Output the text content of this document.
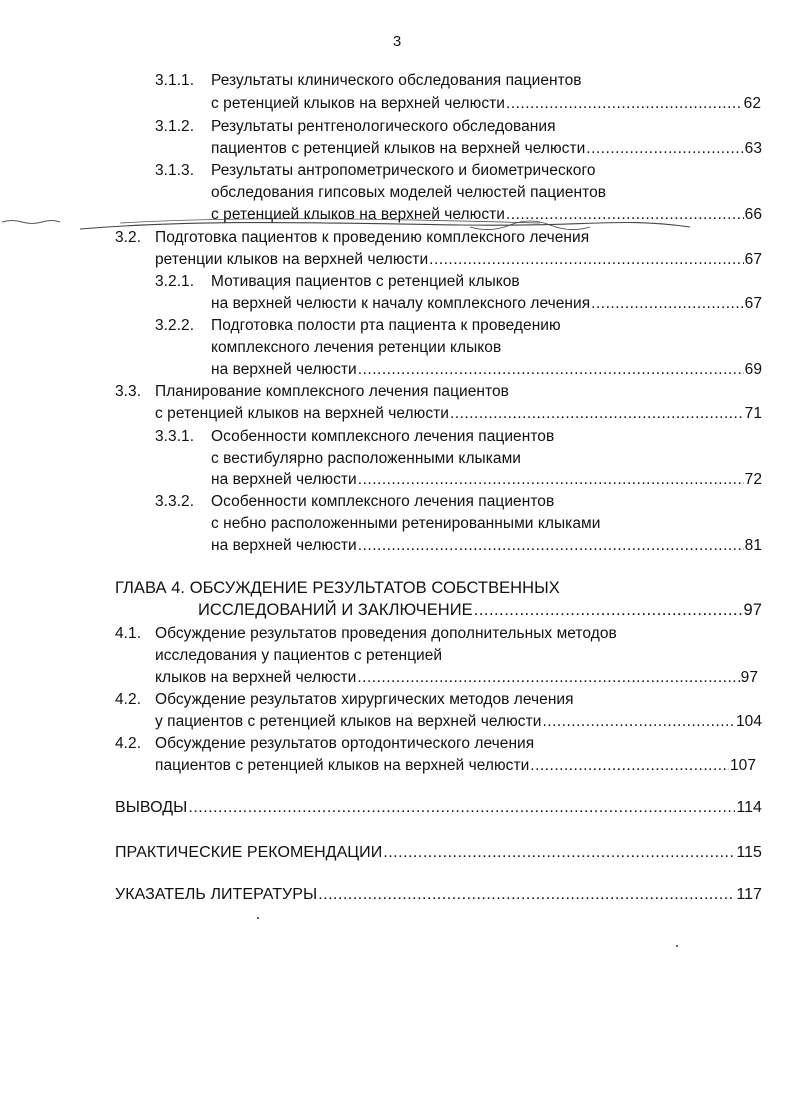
3
3.1.1. Результаты клинического обследования пациентов
с ретенцией клыков на верхней челюсти .....	62
3.1.2. Результаты рентгенологического обследования
пациентов с ретенцией клыков на верхней челюсти .....	63
3.1.3. Результаты антропометрического и биометрического
обследования гипсовых моделей челюстей пациентов
с ретенцией клыков на верхней челюсти .....	66
3.2. Подготовка пациентов к проведению комплексного лечения
ретенции клыков на верхней челюсти .....	67
3.2.1. Мотивация пациентов с ретенцией клыков
на верхней челюсти к началу комплексного лечения .....	67
3.2.2. Подготовка полости рта пациента к проведению
комплексного лечения ретенции клыков
на верхней челюсти .....	69
3.3. Планирование комплексного лечения пациентов
с ретенцией клыков на верхней челюсти .....	71
3.3.1. Особенности комплексного лечения пациентов
с вестибулярно расположенными клыками
на верхней челюсти .....	72
3.3.2. Особенности комплексного лечения пациентов
с небно расположенными ретенированными клыками
на верхней челюсти .....	81
ГЛАВА 4. ОБСУЖДЕНИЕ РЕЗУЛЬТАТОВ СОБСТВЕННЫХ
ИССЛЕДОВАНИЙ И ЗАКЛЮЧЕНИЕ .....	97
4.1. Обсуждение результатов проведения дополнительных методов
исследования у пациентов с ретенцией
клыков на верхней челюсти .....	97
4.2. Обсуждение результатов хирургических методов лечения
у пациентов с ретенцией клыков на верхней челюсти .....	104
4.2. Обсуждение результатов ортодонтического лечения
пациентов с ретенцией клыков на верхней челюсти .....	107
ВЫВОДЫ .....	114
ПРАКТИЧЕСКИЕ РЕКОМЕНДАЦИИ .....	115
УКАЗАТЕЛЬ ЛИТЕРАТУРЫ .....	117
